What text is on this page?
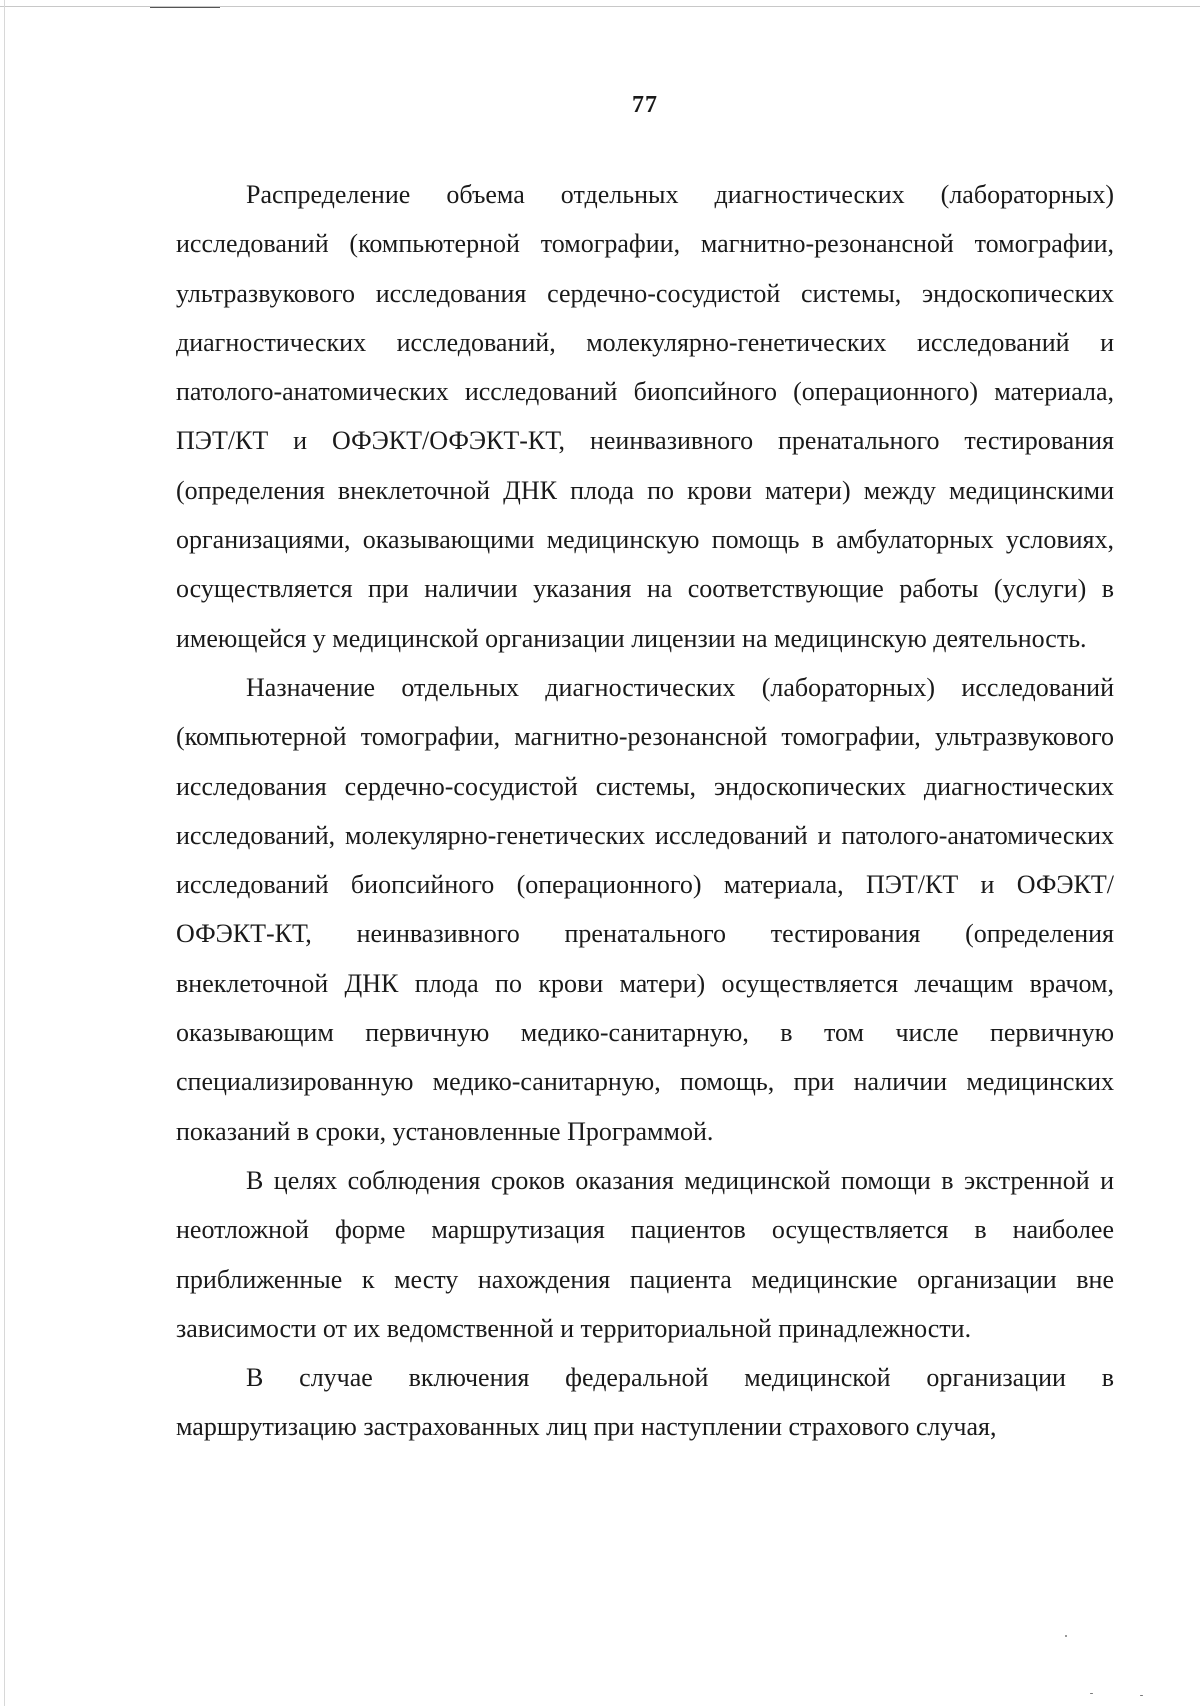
77

Распределение объема отдельных диагностических (лабораторных) исследований (компьютерной томографии, магнитно-резонансной томографии, ультразвукового исследования сердечно-сосудистой системы, эндоскопических диагностических исследований, молекулярно-генетических исследований и патолого-анатомических исследований биопсийного (операционного) материала, ПЭТ/КТ и ОФЭКТ/ОФЭКТ-КТ, неинвазивного пренатального тестирования (определения внеклеточной ДНК плода по крови матери) между медицинскими организациями, оказывающими медицинскую помощь в амбулаторных условиях, осуществляется при наличии указания на соответствующие работы (услуги) в имеющейся у медицинской организации лицензии на медицинскую деятельность.

Назначение отдельных диагностических (лабораторных) исследований (компьютерной томографии, магнитно-резонансной томографии, ультразвукового исследования сердечно-сосудистой системы, эндоскопических диагностических исследований, молекулярно-генетических исследований и патолого-анатомических исследований биопсийного (операционного) материала, ПЭТ/КТ и ОФЭКТ/ОФЭКТ-КТ, неинвазивного пренатального тестирования (определения внеклеточной ДНК плода по крови матери) осуществляется лечащим врачом, оказывающим первичную медико-санитарную, в том числе первичную специализированную медико-санитарную, помощь, при наличии медицинских показаний в сроки, установленные Программой.

В целях соблюдения сроков оказания медицинской помощи в экстренной и неотложной форме маршрутизация пациентов осуществляется в наиболее приближенные к месту нахождения пациента медицинские организации вне зависимости от их ведомственной и территориальной принадлежности.

В случае включения федеральной медицинской организации в маршрутизацию застрахованных лиц при наступлении страхового случая,
